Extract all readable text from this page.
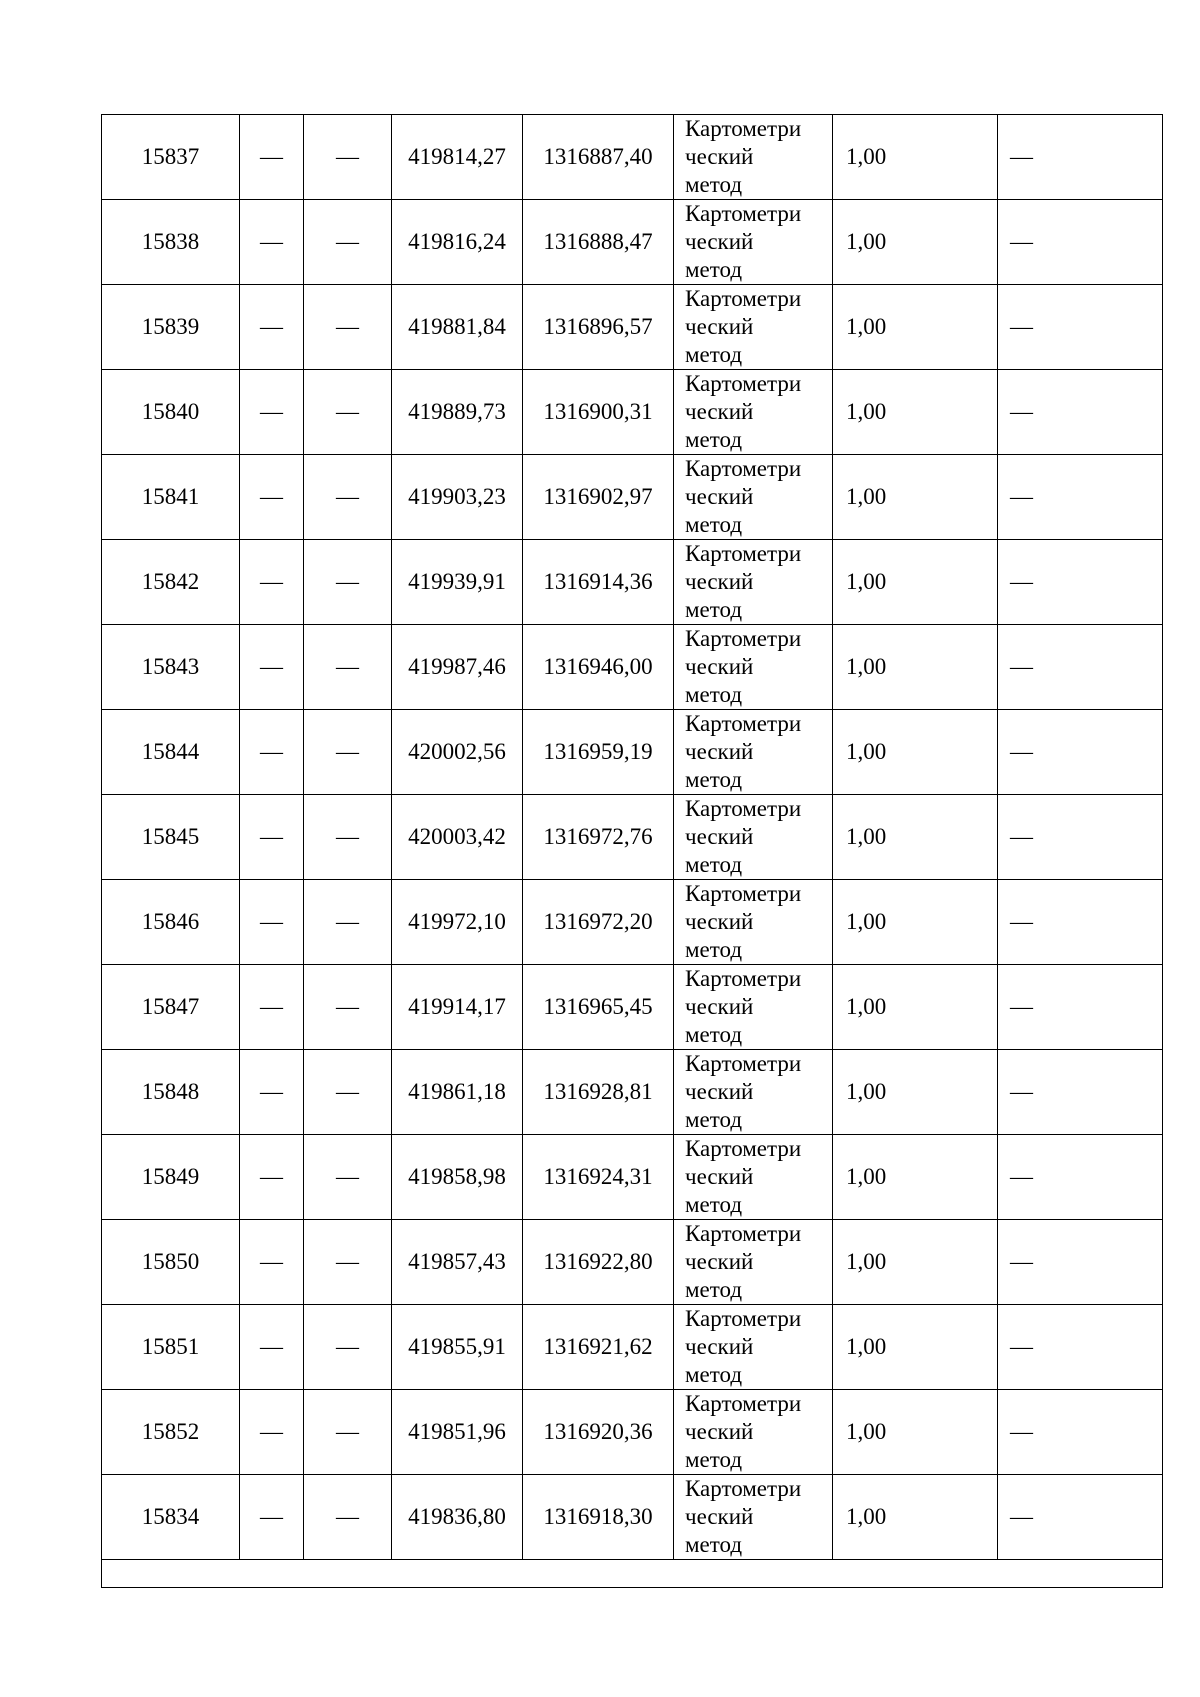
15837	—	—	419814,27	1316887,40	Картометри
ческий
метод	1,00	—
15838	—	—	419816,24	1316888,47	Картометри
ческий
метод	1,00	—
15839	—	—	419881,84	1316896,57	Картометри
ческий
метод	1,00	—
15840	—	—	419889,73	1316900,31	Картометри
ческий
метод	1,00	—
15841	—	—	419903,23	1316902,97	Картометри
ческий
метод	1,00	—
15842	—	—	419939,91	1316914,36	Картометри
ческий
метод	1,00	—
15843	—	—	419987,46	1316946,00	Картометри
ческий
метод	1,00	—
15844	—	—	420002,56	1316959,19	Картометри
ческий
метод	1,00	—
15845	—	—	420003,42	1316972,76	Картометри
ческий
метод	1,00	—
15846	—	—	419972,10	1316972,20	Картометри
ческий
метод	1,00	—
15847	—	—	419914,17	1316965,45	Картометри
ческий
метод	1,00	—
15848	—	—	419861,18	1316928,81	Картометри
ческий
метод	1,00	—
15849	—	—	419858,98	1316924,31	Картометри
ческий
метод	1,00	—
15850	—	—	419857,43	1316922,80	Картометри
ческий
метод	1,00	—
15851	—	—	419855,91	1316921,62	Картометри
ческий
метод	1,00	—
15852	—	—	419851,96	1316920,36	Картометри
ческий
метод	1,00	—
15834	—	—	419836,80	1316918,30	Картометри
ческий
метод	1,00	—
